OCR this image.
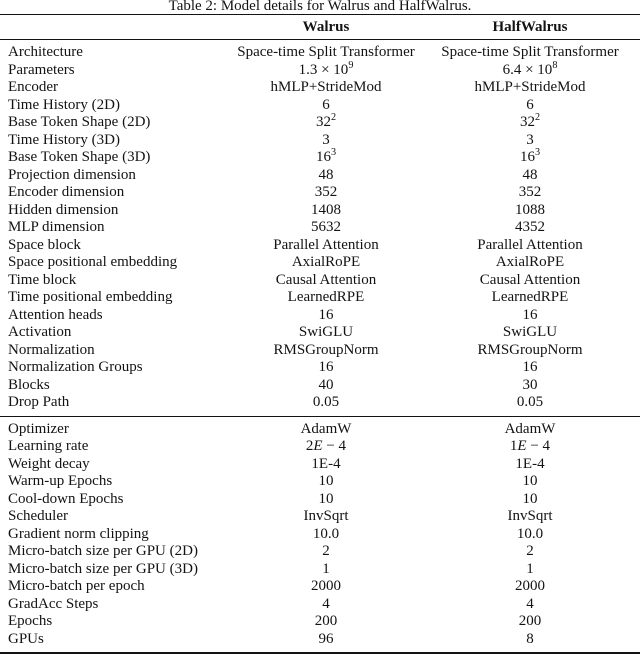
Table 2: Model details for Walrus and HalfWalrus.
	Walrus	HalfWalrus
Architecture	Space-time Split Transformer	Space-time Split Transformer
Parameters	$1.3 \times 10^9$	$6.4 \times 10^8$
Encoder	hMLP+StrideMod	hMLP+StrideMod
Time History (2D)	6	6
Base Token Shape (2D)	$32^2$	$32^2$
Time History (3D)	3	3
Base Token Shape (3D)	$16^3$	$16^3$
Projection dimension	48	48
Encoder dimension	352	352
Hidden dimension	1408	1088
MLP dimension	5632	4352
Space block	Parallel Attention	Parallel Attention
Space positional embedding	AxialRoPE	AxialRoPE
Time block	Causal Attention	Causal Attention
Time positional embedding	LearnedRPE	LearnedRPE
Attention heads	16	16
Activation	SwiGLU	SwiGLU
Normalization	RMSGroupNorm	RMSGroupNorm
Normalization Groups	16	16
Blocks	40	30
Drop Path	0.05	0.05
Optimizer	AdamW	AdamW
Learning rate	2E − 4	1E − 4
Weight decay	1E-4	1E-4
Warm-up Epochs	10	10
Cool-down Epochs	10	10
Scheduler	InvSqrt	InvSqrt
Gradient norm clipping	10.0	10.0
Micro-batch size per GPU (2D)	2	2
Micro-batch size per GPU (3D)	1	1
Micro-batch per epoch	2000	2000
GradAcc Steps	4	4
Epochs	200	200
GPUs	96	8
